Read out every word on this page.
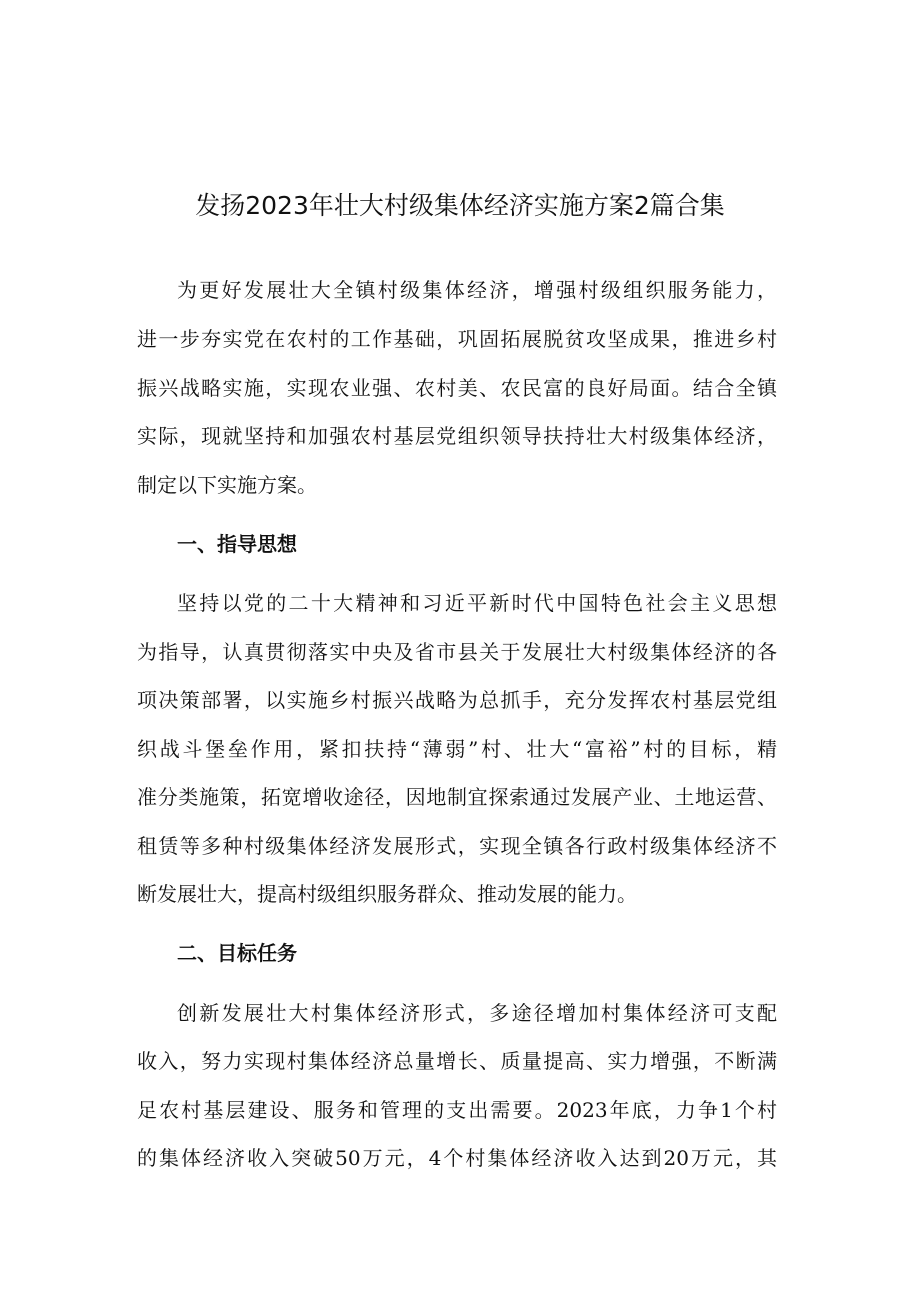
发扬2023年壮大村级集体经济实施方案2篇合集

为更好发展壮大全镇村级集体经济，增强村级组织服务能力，

进一步夯实党在农村的工作基础，巩固拓展脱贫攻坚成果，推进乡村

振兴战略实施，实现农业强、农村美、农民富的良好局面。结合全镇

实际，现就坚持和加强农村基层党组织领导扶持壮大村级集体经济，

制定以下实施方案。

一、指导思想

坚持以党的二十大精神和习近平新时代中国特色社会主义思想

为指导，认真贯彻落实中央及省市县关于发展壮大村级集体经济的各

项决策部署，以实施乡村振兴战略为总抓手，充分发挥农村基层党组

织战斗堡垒作用，紧扣扶持“薄弱”村、壮大“富裕”村的目标，精

准分类施策，拓宽增收途径，因地制宜探索通过发展产业、土地运营、

租赁等多种村级集体经济发展形式，实现全镇各行政村级集体经济不

断发展壮大，提高村级组织服务群众、推动发展的能力。

二、目标任务

创新发展壮大村集体经济形式，多途径增加村集体经济可支配

收入，努力实现村集体经济总量增长、质量提高、实力增强，不断满

足农村基层建设、服务和管理的支出需要。2023年底，力争1个村

的集体经济收入突破50万元，4个村集体经济收入达到20万元，其
